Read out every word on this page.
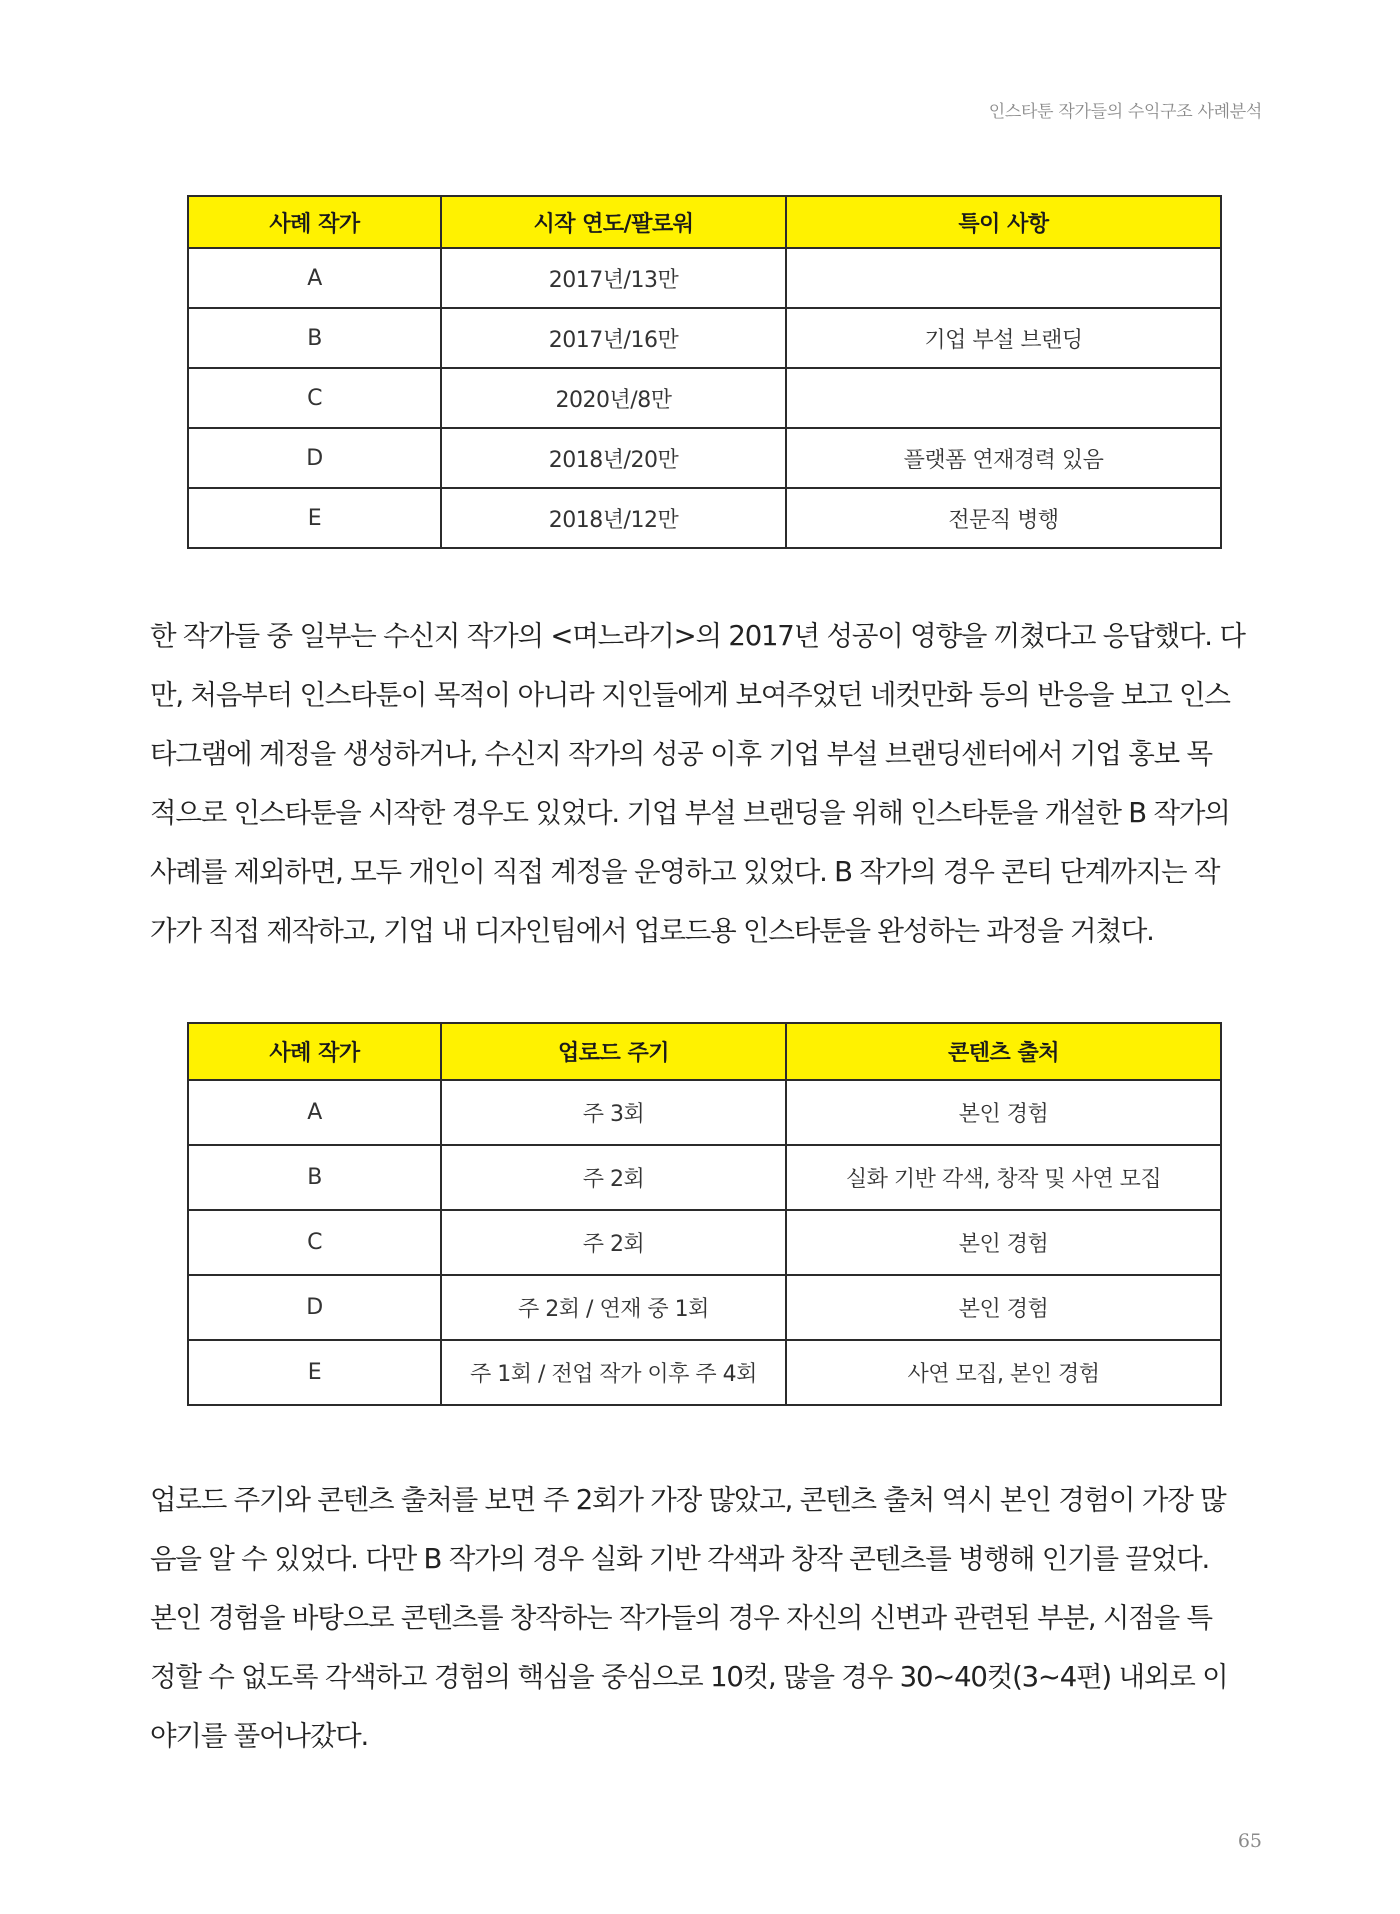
인스타툰 작가들의 수익구조 사례분석
사례 작가	시작 연도/팔로워	특이 사항
A	2017년/13만	
B	2017년/16만	기업 부설 브랜딩
C	2020년/8만	
D	2018년/20만	플랫폼 연재경력 있음
E	2018년/12만	전문직 병행
한 작가들 중 일부는 수신지 작가의 <며느라기>의 2017년 성공이 영향을 끼쳤다고 응답했다. 다
만, 처음부터 인스타툰이 목적이 아니라 지인들에게 보여주었던 네컷만화 등의 반응을 보고 인스
타그램에 계정을 생성하거나, 수신지 작가의 성공 이후 기업 부설 브랜딩센터에서 기업 홍보 목
적으로 인스타툰을 시작한 경우도 있었다. 기업 부설 브랜딩을 위해 인스타툰을 개설한 B 작가의
사례를 제외하면, 모두 개인이 직접 계정을 운영하고 있었다. B 작가의 경우 콘티 단계까지는 작
가가 직접 제작하고, 기업 내 디자인팀에서 업로드용 인스타툰을 완성하는 과정을 거쳤다.
사례 작가	업로드 주기	콘텐츠 출처
A	주 3회	본인 경험
B	주 2회	실화 기반 각색, 창작 및 사연 모집
C	주 2회	본인 경험
D	주 2회 / 연재 중 1회	본인 경험
E	주 1회 / 전업 작가 이후 주 4회	사연 모집, 본인 경험
업로드 주기와 콘텐츠 출처를 보면 주 2회가 가장 많았고, 콘텐츠 출처 역시 본인 경험이 가장 많
음을 알 수 있었다. 다만 B 작가의 경우 실화 기반 각색과 창작 콘텐츠를 병행해 인기를 끌었다.
본인 경험을 바탕으로 콘텐츠를 창작하는 작가들의 경우 자신의 신변과 관련된 부분, 시점을 특
정할 수 없도록 각색하고 경험의 핵심을 중심으로 10컷, 많을 경우 30~40컷(3~4편) 내외로 이
야기를 풀어나갔다.
65
